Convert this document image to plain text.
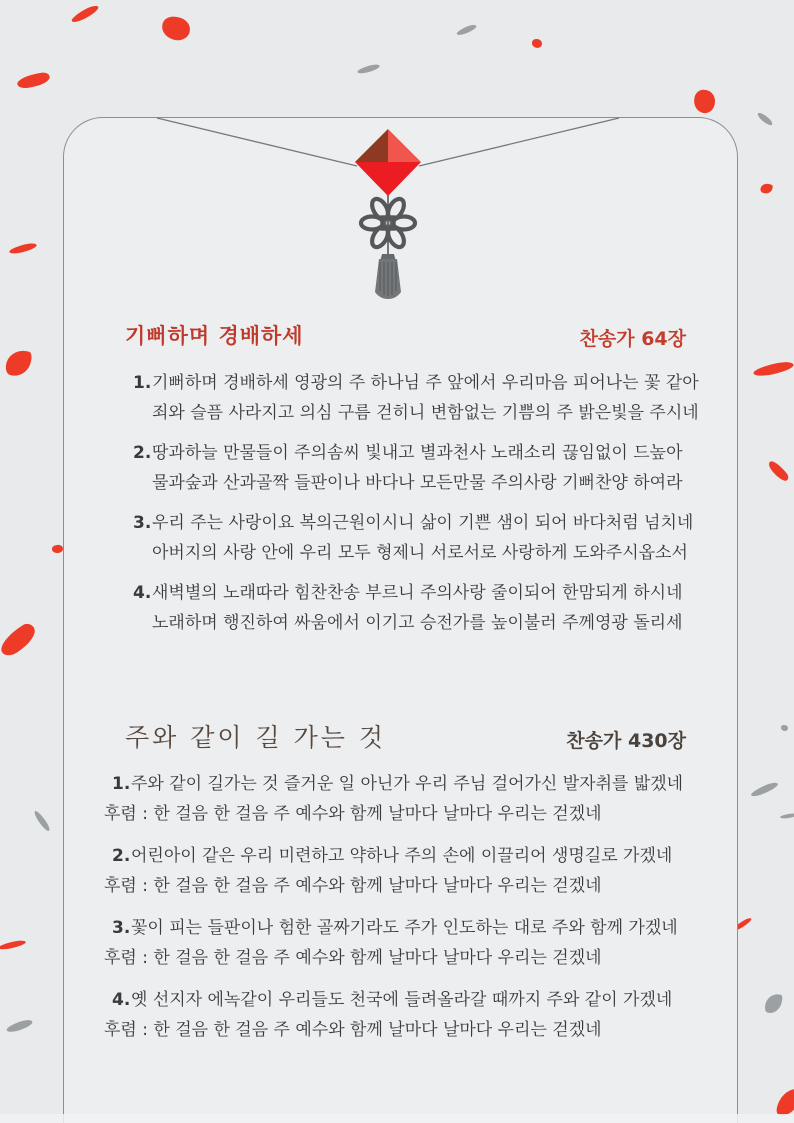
기뻐하며 경배하세	찬송가 64장
1. 기뻐하며 경배하세 영광의 주 하나님 주 앞에서 우리마음 피어나는 꽃 같아
죄와 슬픔 사라지고 의심 구름 걷히니 변함없는 기쁨의 주 밝은빛을 주시네
2. 땅과하늘 만물들이 주의솜씨 빛내고 별과천사 노래소리 끊임없이 드높아
물과숲과 산과골짝 들판이나 바다나 모든만물 주의사랑 기뻐찬양 하여라
3. 우리 주는 사랑이요 복의근원이시니 삶이 기쁜 샘이 되어 바다처럼 넘치네
아버지의 사랑 안에 우리 모두 형제니 서로서로 사랑하게 도와주시옵소서
4. 새벽별의 노래따라 힘찬찬송 부르니 주의사랑 줄이되어 한맘되게 하시네
노래하며 행진하여 싸움에서 이기고 승전가를 높이불러 주께영광 돌리세
주와 같이 길 가는 것	찬송가 430장
1. 주와 같이 길가는 것 즐거운 일 아닌가 우리 주님 걸어가신 발자취를 밟겠네
후렴 : 한 걸음 한 걸음 주 예수와 함께 날마다 날마다 우리는 걷겠네
2. 어린아이 같은 우리 미련하고 약하나 주의 손에 이끌리어 생명길로 가겠네
후렴 : 한 걸음 한 걸음 주 예수와 함께 날마다 날마다 우리는 걷겠네
3. 꽃이 피는 들판이나 험한 골짜기라도 주가 인도하는 대로 주와 함께 가겠네
후렴 : 한 걸음 한 걸음 주 예수와 함께 날마다 날마다 우리는 걷겠네
4. 옛 선지자 에녹같이 우리들도 천국에 들려올라갈 때까지 주와 같이 가겠네
후렴 : 한 걸음 한 걸음 주 예수와 함께 날마다 날마다 우리는 걷겠네
